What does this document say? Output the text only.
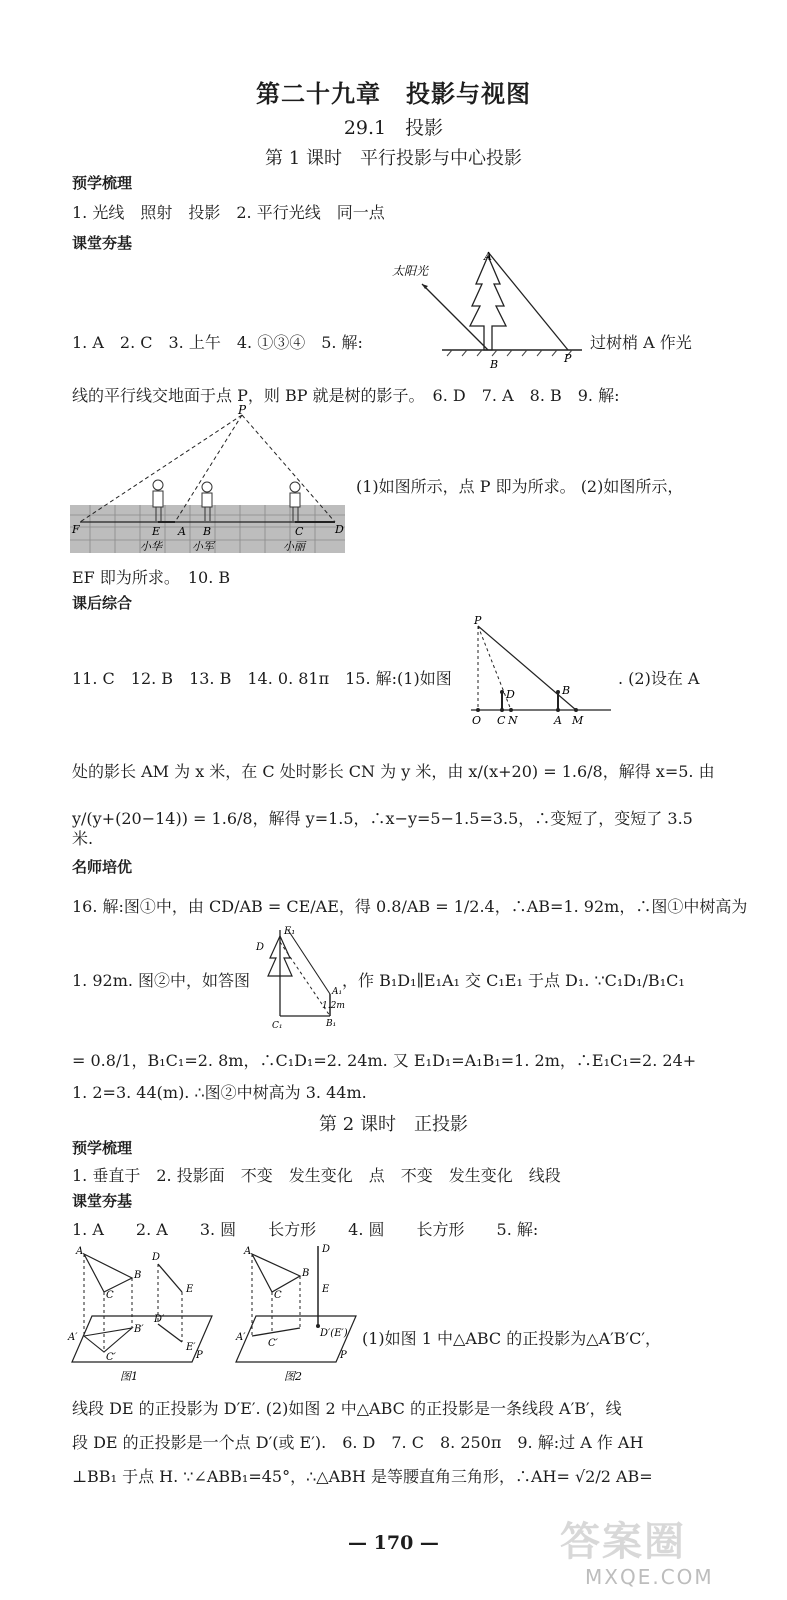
第二十九章　投影与视图
29.1　投影
第 1 课时　平行投影与中心投影
预学梳理
1. 光线　照射　投影　2. 平行光线　同一点
课堂夯基
太阳光
A
B	P
1. A　2. C　3. 上午　4. ①③④　5. 解:	过树梢 A 作光
线的平行线交地面于点 P，则 BP 就是树的影子。　6. D　7. A　8. B　9. 解:
P
F	E A B	C	D
小华	小军	小丽
(1)如图所示，点 P 即为所求。 (2)如图所示，
EF 即为所求。　10. B
课后综合
P
D	B
O C N	A M
11. C　12. B　13. B　14. 0. 81π　15. 解:(1)如图	. (2)设在 A
处的影长 AM 为 x 米，在 C 处时影长 CN 为 y 米，由 x/(x+20) = 1.6/8，解得 x=5. 由
y/(y+(20−14)) = 1.6/8，解得 y=1.5，∴x−y=5−1.5=3.5，∴变短了，变短了 3.5
米.
名师培优
16. 解:图①中，由 CD/AB = CE/AE，得 0.8/AB = 1/2.4，∴AB=1. 92m，∴图①中树高为
D
E₁
A₁
1.2m
B₁
C₁
1. 92m. 图②中，如答图	，作 B₁D₁∥E₁A₁ 交 C₁E₁ 于点 D₁. ∵C₁D₁/B₁C₁
= 0.8/1，B₁C₁=2. 8m，∴C₁D₁=2. 24m. 又 E₁D₁=A₁B₁=1. 2m，∴E₁C₁=2. 24+
1. 2=3. 44(m). ∴图②中树高为 3. 44m.
第 2 课时　正投影
预学梳理
1. 垂直于　2. 投影面　不变　发生变化　点　不变　发生变化　线段
课堂夯基
1. A　　2. A　　3. 圆　　长方形　　4. 圆　　长方形　　5. 解:
A
B
C
D
E
A′
B′
C′
D′
E′
P
图1
A
B
C
D
E
A′
C′
D′(E′)
P
图2
(1)如图 1 中△ABC 的正投影为△A′B′C′，
线段 DE 的正投影为 D′E′. (2)如图 2 中△ABC 的正投影是一条线段 A′B′，线
段 DE 的正投影是一个点 D′(或 E′).　6. D　7. C　8. 250π　9. 解:过 A 作 AH
⊥BB₁ 于点 H. ∵∠ABB₁=45°，∴△ABH 是等腰直角三角形，∴AH= √2/2 AB=
— 170 —	答案圈
MXQE.COM
